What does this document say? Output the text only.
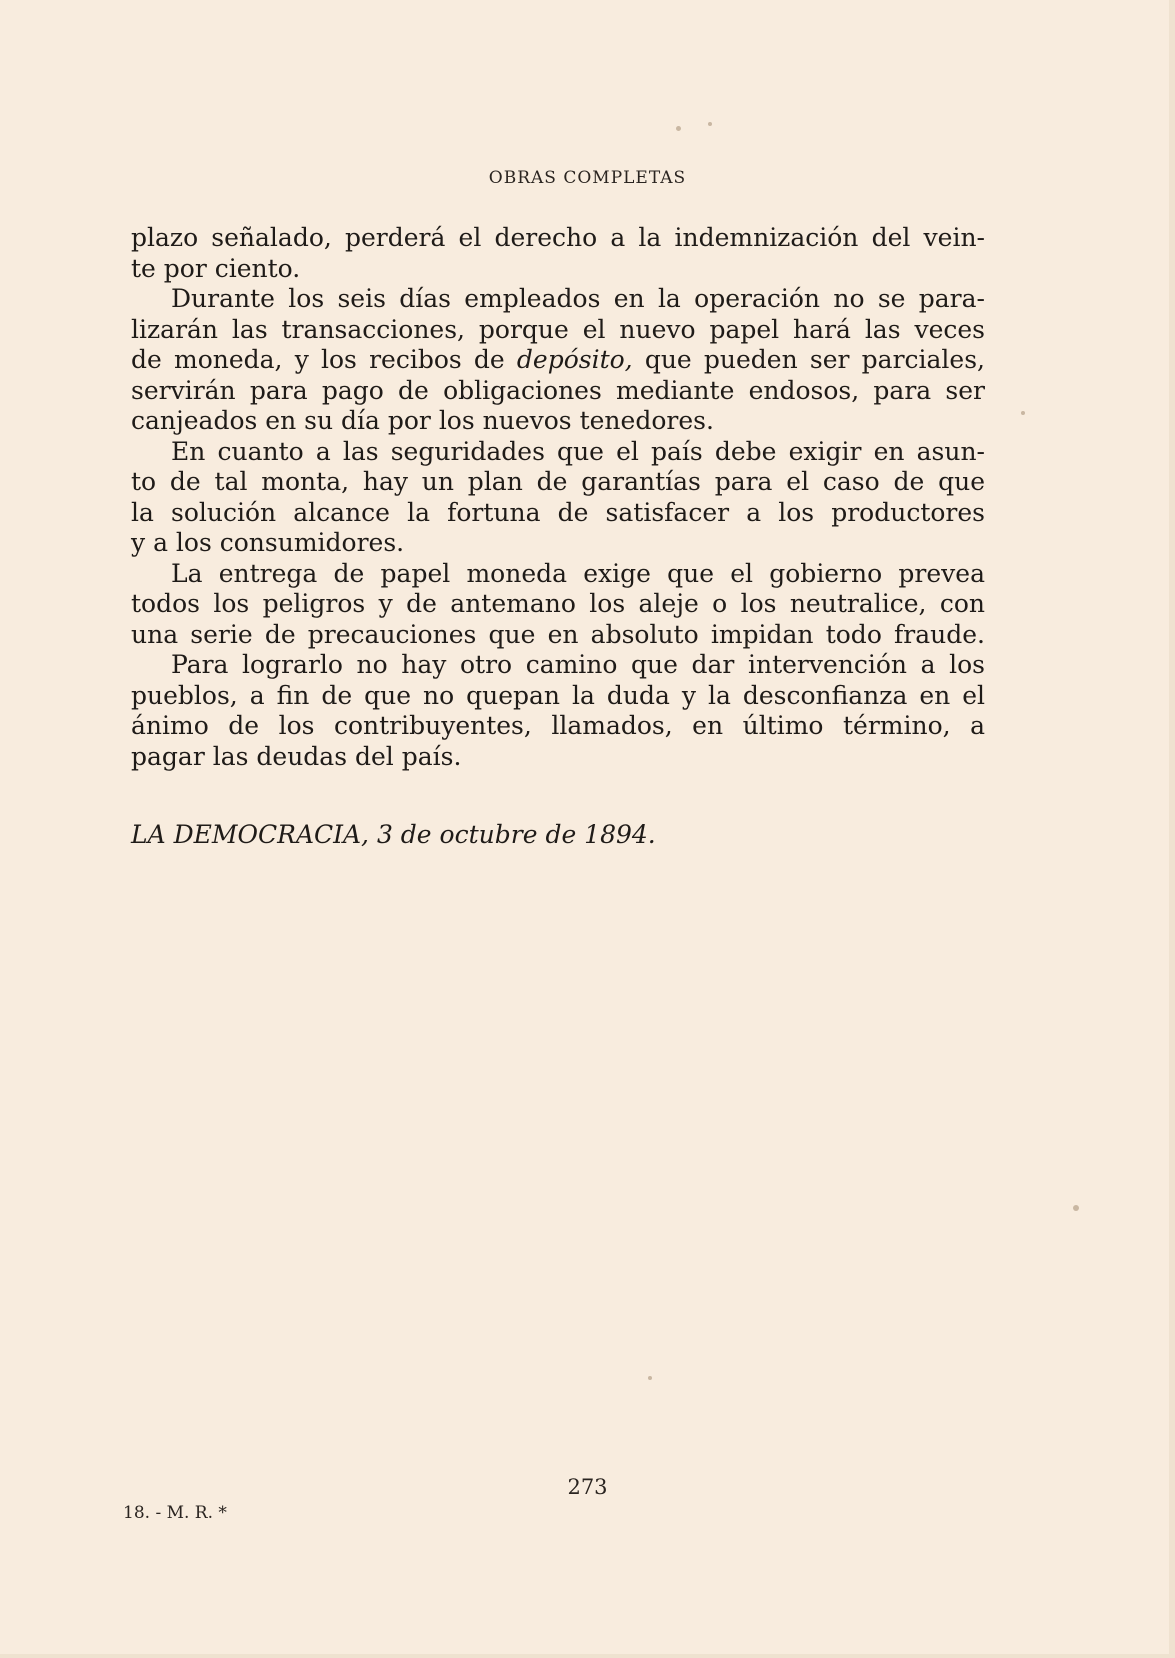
OBRAS COMPLETAS
plazo señalado, perderá el derecho a la indemnización del vein-
te por ciento.
Durante los seis días empleados en la operación no se para-
lizarán las transacciones, porque el nuevo papel hará las veces
de moneda, y los recibos de depósito, que pueden ser parciales,
servirán para pago de obligaciones mediante endosos, para ser
canjeados en su día por los nuevos tenedores.
En cuanto a las seguridades que el país debe exigir en asun-
to de tal monta, hay un plan de garantías para el caso de que
la solución alcance la fortuna de satisfacer a los productores
y a los consumidores.
La entrega de papel moneda exige que el gobierno prevea
todos los peligros y de antemano los aleje o los neutralice, con
una serie de precauciones que en absoluto impidan todo fraude.
Para lograrlo no hay otro camino que dar intervención a los
pueblos, a fin de que no quepan la duda y la desconfianza en el
ánimo de los contribuyentes, llamados, en último término, a
pagar las deudas del país.
LA DEMOCRACIA, 3 de octubre de 1894.
273
18. - M. R. *
